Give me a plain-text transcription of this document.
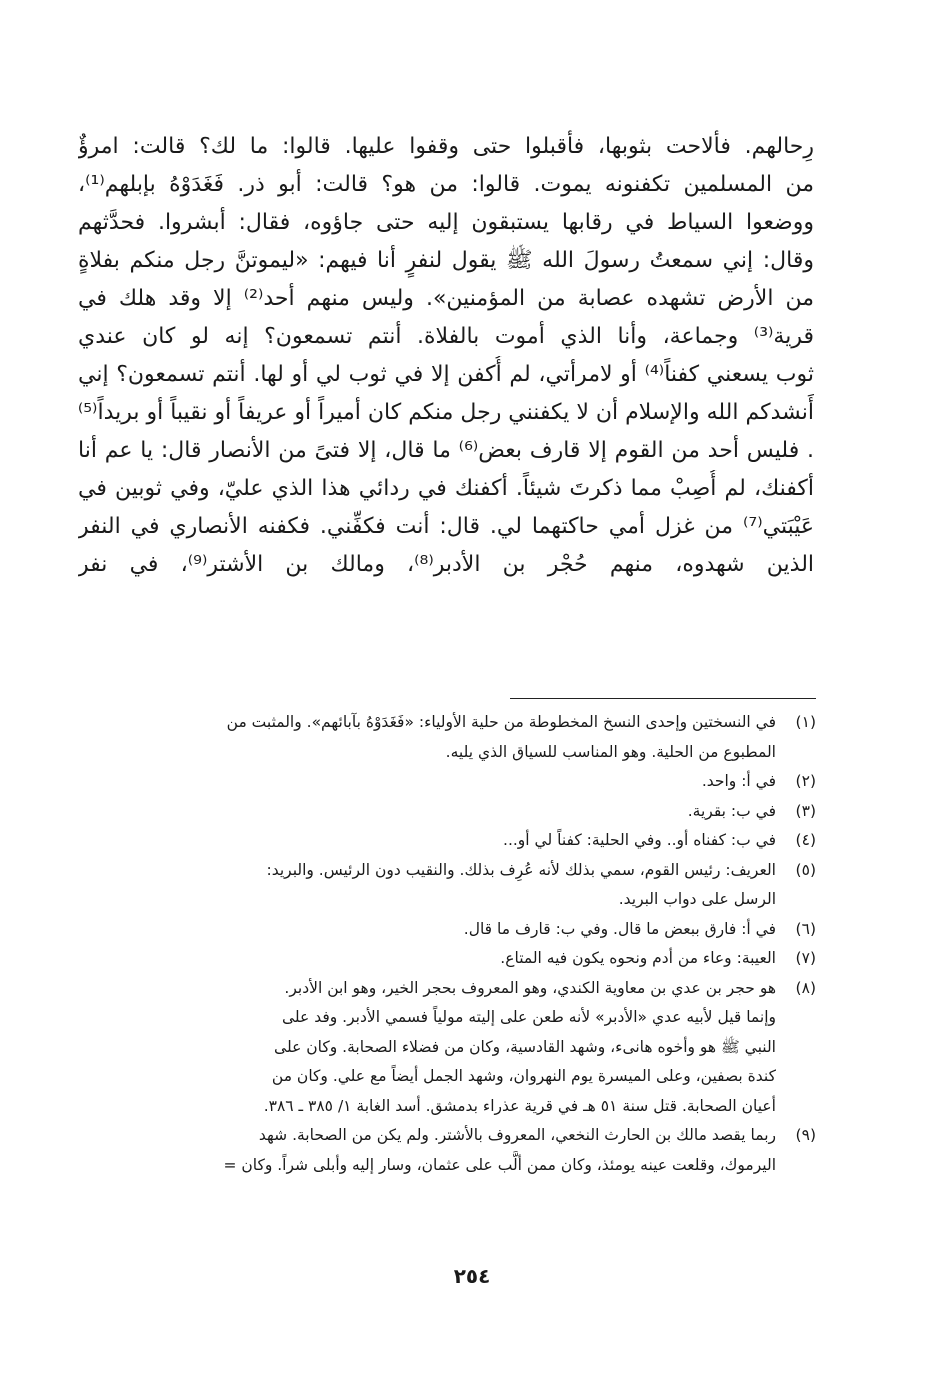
رِحالهم. فألاحت بثوبها، فأقبلوا حتى وقفوا عليها. قالوا: ما لك؟ قالت: امرؤٌ
من المسلمين تكفنونه يموت. قالوا: من هو؟ قالت: أبو ذر. فَغَدَوْهُ بإبلهم⁽¹⁾،
ووضعوا السياط في رقابها يستبقون إليه حتى جاؤوه، فقال: أبشروا. فحدَّثهم
وقال: إني سمعتُ رسولَ الله ﷺ يقول لنفرٍ أنا فيهم: «ليموتنَّ رجل منكم بفلاةٍ
من الأرض تشهده عصابة من المؤمنين». وليس منهم أحد⁽²⁾ إلا وقد هلك في
قرية⁽³⁾ وجماعة، وأنا الذي أموت بالفلاة. أنتم تسمعون؟ إنه لو كان عندي
ثوب يسعني كفناً⁽⁴⁾ أو لامرأتي، لم أُكفن إلا في ثوب لي أو لها. أنتم تسمعون؟ إني
أَنشدكم الله والإسلام أن لا يكفنني رجل منكم كان أميراً أو عريفاً أو نقيباً أو بريداً⁽⁵⁾
. فليس أحد من القوم إلا قارف بعض⁽⁶⁾ ما قال، إلا فتىً من الأنصار قال: يا عم أنا
أكفنك، لم أُصِبْ مما ذكرتَ شيئاً. أكفنك في ردائي هذا الذي عليّ، وفي ثوبين في
عَيْبَتي⁽⁷⁾ من غزل أمي حاكتهما لي. قال: أنت فكفِّني. فكفنه الأنصاري في النفر
الذين شهدوه، منهم حُجْر بن الأدبر⁽⁸⁾، ومالك بن الأشتر⁽⁹⁾، في نفر
(١)
في النسختين وإحدى النسخ المخطوطة من حلية الأولياء: «فَغَدَوْهُ بآبائهم». والمثبت من
المطبوع من الحلية. وهو المناسب للسياق الذي يليه.
(٢)
في أ: واحد.
(٣)
في ب: بقرية.
(٤)
في ب: كفناه أو.. وفي الحلية: كفناً لي أو...
(٥)
العريف: رئيس القوم، سمي بذلك لأنه عُرِف بذلك. والنقيب دون الرئيس. والبريد:
الرسل على دواب البريد.
(٦)
في أ: فارق ببعض ما قال. وفي ب: قارف ما قال.
(٧)
العيبة: وعاء من أدم ونحوه يكون فيه المتاع.
(٨)
هو حجر بن عدي بن معاوية الكندي، وهو المعروف بحجر الخير، وهو ابن الأدبر.
وإنما قيل لأبيه عدي «الأدبر» لأنه طعن على إليته مولياً فسمي الأدبر. وفد على
النبي ﷺ هو وأخوه هانىء، وشهد القادسية، وكان من فضلاء الصحابة. وكان على
كندة بصفين، وعلى الميسرة يوم النهروان، وشهد الجمل أيضاً مع علي. وكان من
أعيان الصحابة. قتل سنة ٥١ هـ في قرية عذراء بدمشق. أسد الغابة ١/ ٣٨٥ ـ ٣٨٦.
(٩)
ربما يقصد مالك بن الحارث النخعي، المعروف بالأشتر. ولم يكن من الصحابة. شهد
اليرموك، وقلعت عينه يومئذ، وكان ممن ألَّب على عثمان، وسار إليه وأبلى شراً. وكان =
٢٥٤
